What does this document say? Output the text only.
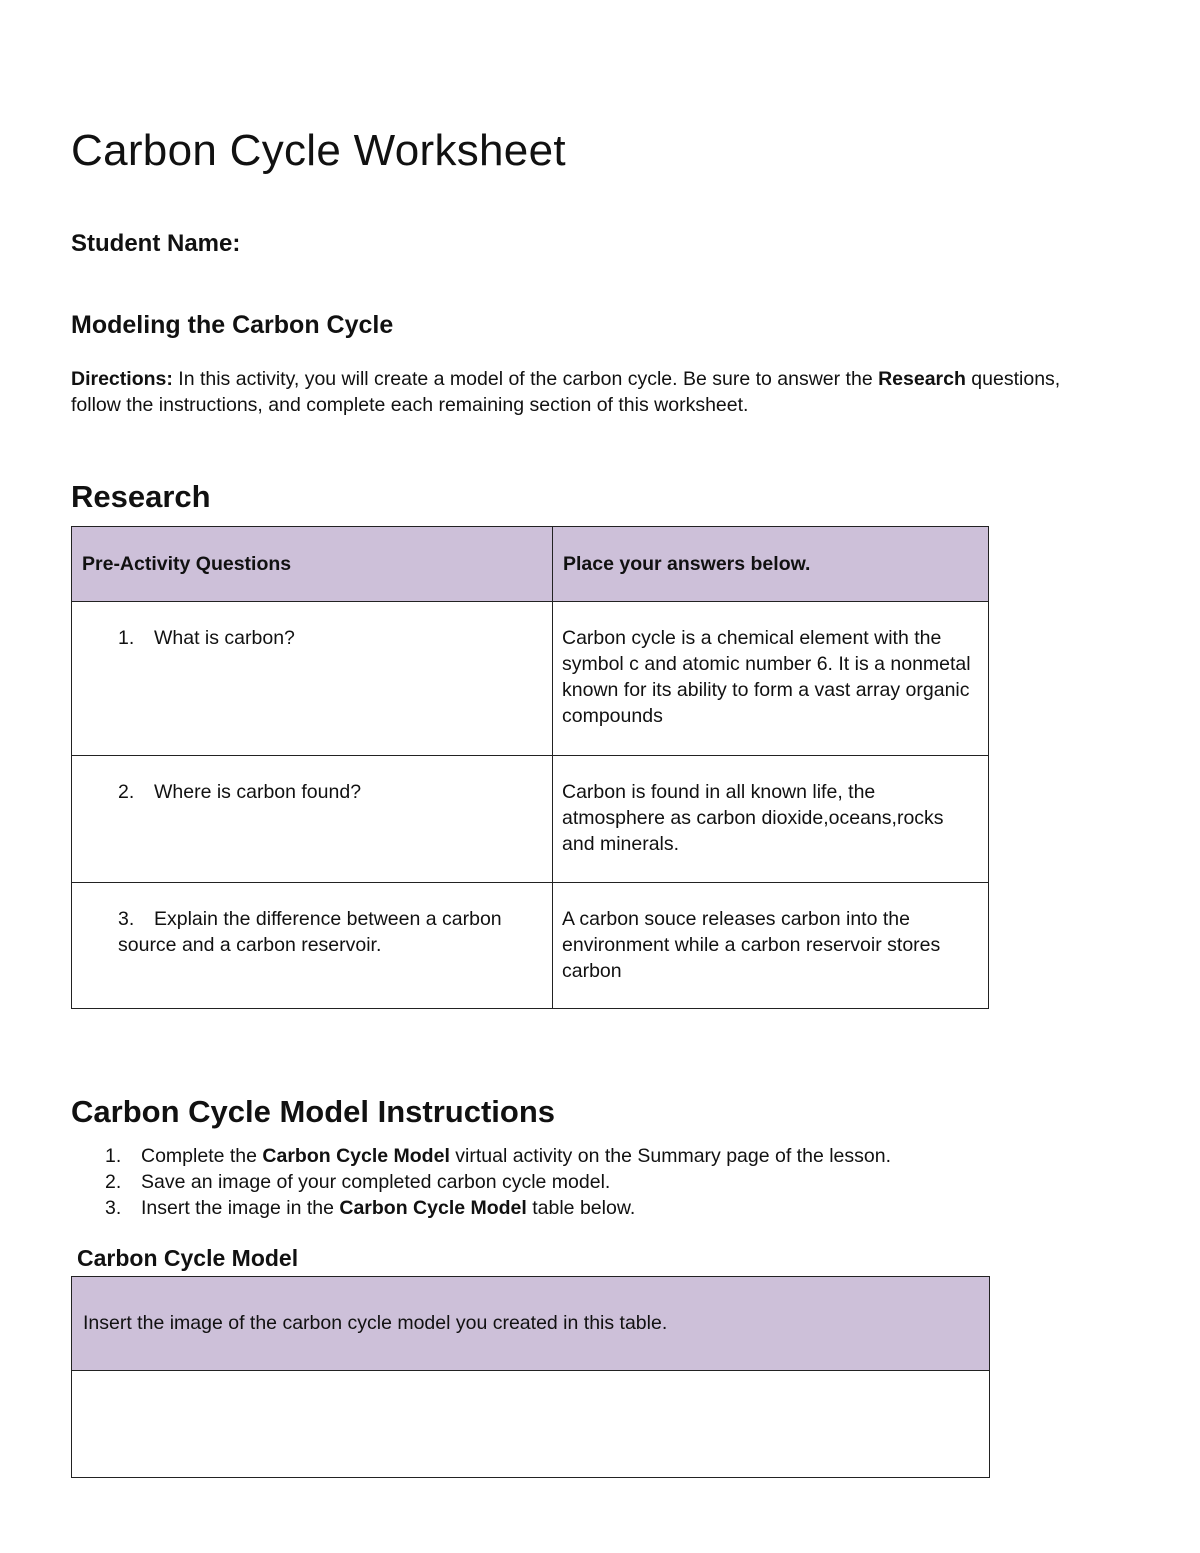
Carbon Cycle Worksheet
Student Name:
Modeling the Carbon Cycle
Directions: In this activity, you will create a model of the carbon cycle. Be sure to answer the Research questions, follow the instructions, and complete each remaining section of this worksheet.
Research
Pre-Activity Questions	Place your answers below.
1. What is carbon?	Carbon cycle is a chemical element with the symbol c and atomic number 6. It is a nonmetal known for its ability to form a vast array organic compounds
2. Where is carbon found?	Carbon is found in all known life, the atmosphere as carbon dioxide,oceans,rocks and minerals.
3. Explain the difference between a carbon source and a carbon reservoir.	A carbon souce releases carbon into the environment while a carbon reservoir stores carbon
Carbon Cycle Model Instructions
1. Complete the Carbon Cycle Model virtual activity on the Summary page of the lesson.
2. Save an image of your completed carbon cycle model.
3. Insert the image in the Carbon Cycle Model table below.
Carbon Cycle Model
Insert the image of the carbon cycle model you created in this table.
